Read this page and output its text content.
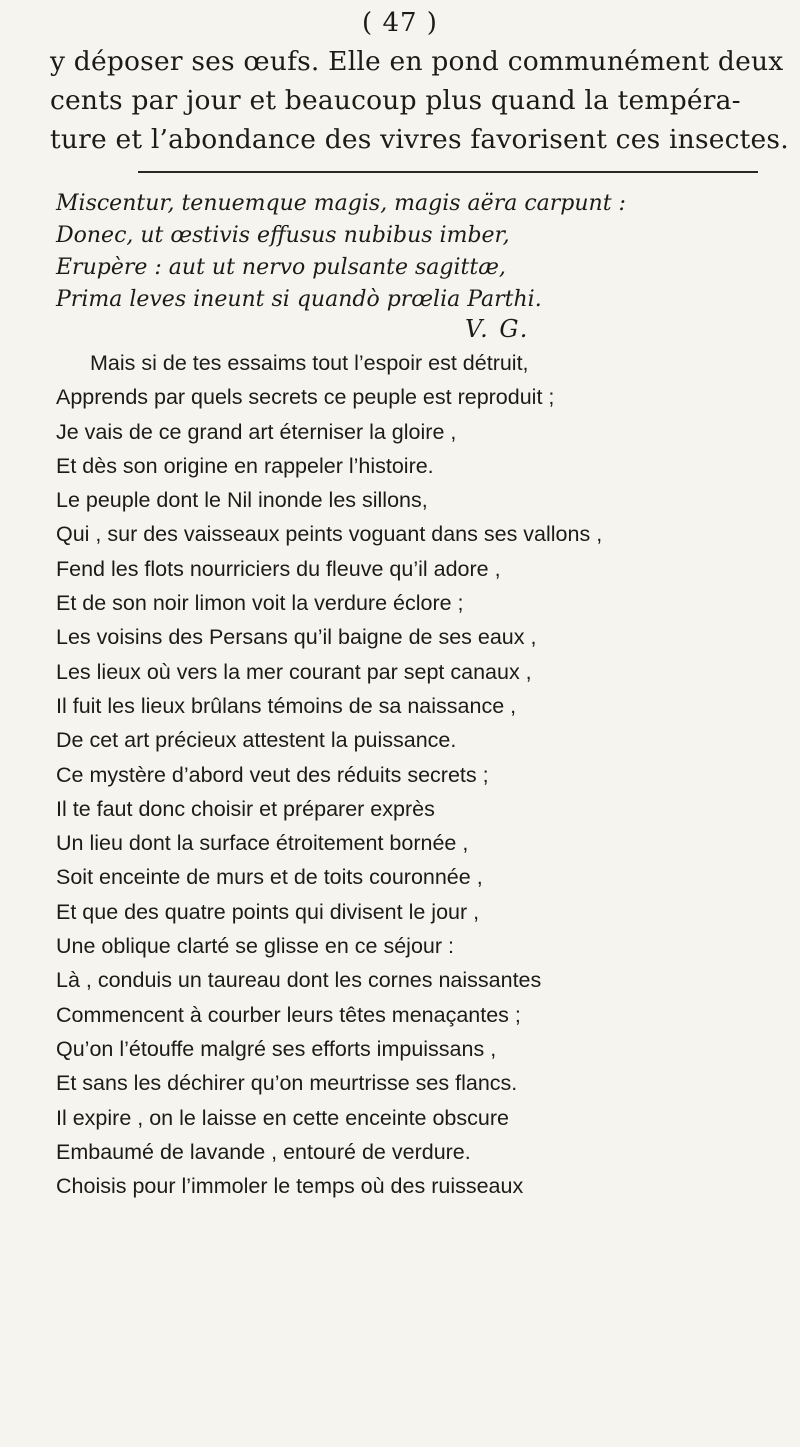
( 47 )
y déposer ses œufs. Elle en pond communément deux
cents par jour et beaucoup plus quand la tempéra-
ture et l’abondance des vivres favorisent ces insectes.
Miscentur, tenuemque magis, magis aëra carpunt :
Donec, ut œstivis effusus nubibus imber,
Erupère : aut ut nervo pulsante sagittæ,
Prima leves ineunt si quandò prœlia Parthi.
V. G.
Mais si de tes essaims tout l’espoir est détruit,
Apprends par quels secrets ce peuple est reproduit ;
Je vais de ce grand art éterniser la gloire ,
Et dès son origine en rappeler l’histoire.
Le peuple dont le Nil inonde les sillons,
Qui , sur des vaisseaux peints voguant dans ses vallons ,
Fend les flots nourriciers du fleuve qu’il adore ,
Et de son noir limon voit la verdure éclore ;
Les voisins des Persans qu’il baigne de ses eaux ,
Les lieux où vers la mer courant par sept canaux ,
Il fuit les lieux brûlans témoins de sa naissance ,
De cet art précieux attestent la puissance.
Ce mystère d’abord veut des réduits secrets ;
Il te faut donc choisir et préparer exprès
Un lieu dont la surface étroitement bornée ,
Soit enceinte de murs et de toits couronnée ,
Et que des quatre points qui divisent le jour ,
Une oblique clarté se glisse en ce séjour :
Là , conduis un taureau dont les cornes naissantes
Commencent à courber leurs têtes menaçantes ;
Qu’on l’étouffe malgré ses efforts impuissans ,
Et sans les déchirer qu’on meurtrisse ses flancs.
Il expire , on le laisse en cette enceinte obscure
Embaumé de lavande , entouré de verdure.
Choisis pour l’immoler le temps où des ruisseaux
